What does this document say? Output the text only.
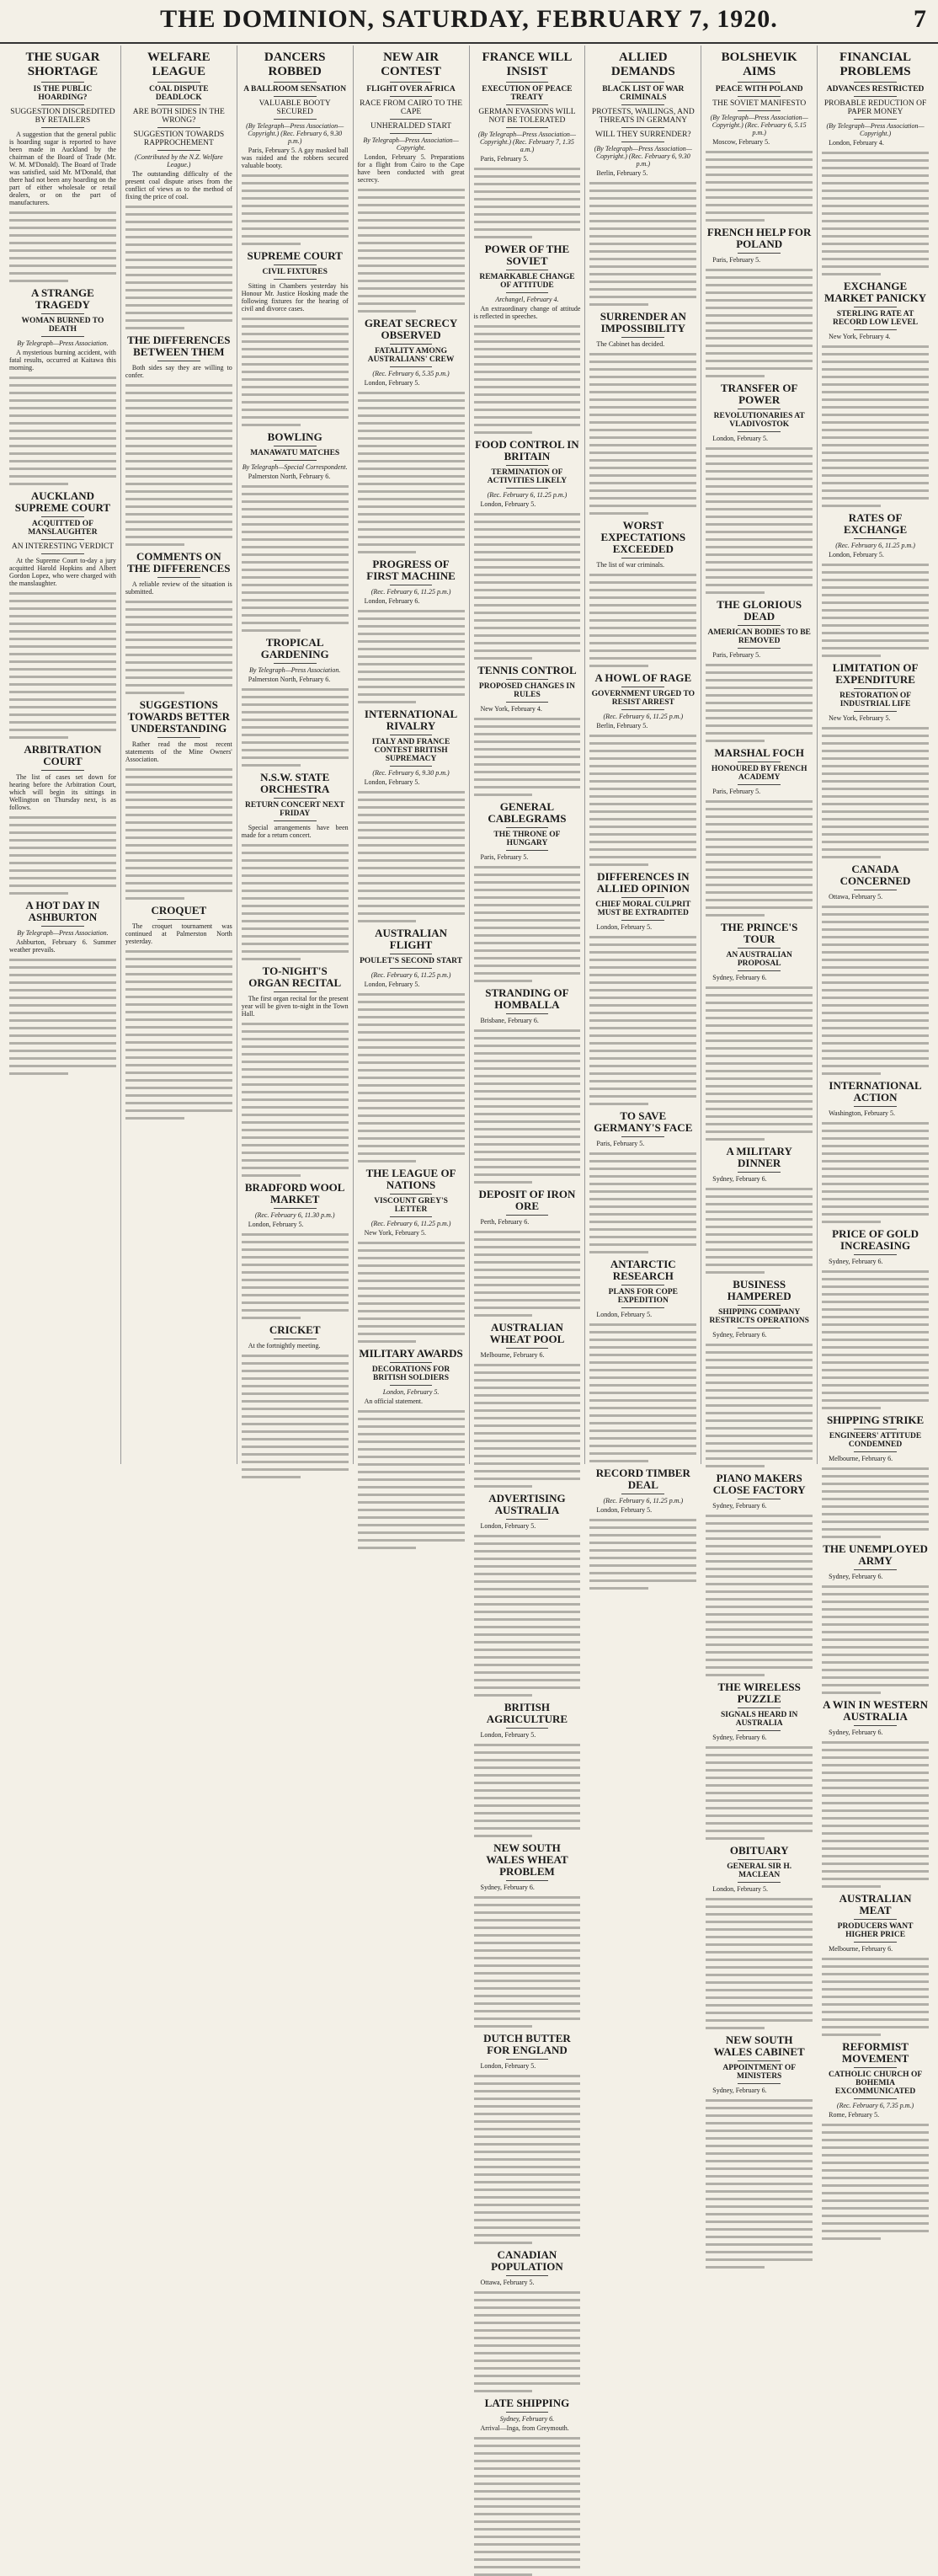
THE DOMINION, SATURDAY, FEBRUARY 7, 1920.	7
THE SUGAR SHORTAGE
IS THE PUBLIC HOARDING?
SUGGESTION DISCREDITED BY RETAILERS

A suggestion that the general public is hoarding sugar is reported to have been made in Auckland by the chairman of the Board of Trade (Mr. W. M. M'Donald). The Board of Trade was satisfied, said Mr. M'Donald, that there had not been any hoarding on the part of either wholesale or retail dealers, or on the part of manufacturers.

A STRANGE TRAGEDY
WOMAN BURNED TO DEATH
By Telegraph—Press Association.

A mysterious burning accident, with fatal results, occurred at Kaitawa this morning.

AUCKLAND SUPREME COURT
ACQUITTED OF MANSLAUGHTER
AN INTERESTING VERDICT

At the Supreme Court to-day a jury acquitted Harold Hopkins and Albert Gordon Lopez, who were charged with the manslaughter.

ARBITRATION COURT

The list of cases set down for hearing before the Arbitration Court, which will begin its sittings in Wellington on Thursday next, is as follows.

A HOT DAY IN ASHBURTON
By Telegraph—Press Association.

Ashburton, February 6. Summer weather prevails.

WELFARE LEAGUE
COAL DISPUTE DEADLOCK
ARE BOTH SIDES IN THE WRONG?
SUGGESTION TOWARDS RAPPROCHEMENT
(Contributed by the N.Z. Welfare League.)

The outstanding difficulty of the present coal dispute arises from the conflict of views as to the method of fixing the price of coal.

THE DIFFERENCES BETWEEN THEM

Both sides say they are willing to confer.

COMMENTS ON THE DIFFERENCES

A reliable review of the situation is submitted.

SUGGESTIONS TOWARDS BETTER UNDERSTANDING

Rather read the most recent statements of the Mine Owners' Association.

CROQUET

The croquet tournament was continued at Palmerston North yesterday.

DANCERS ROBBED
A BALLROOM SENSATION
VALUABLE BOOTY SECURED
(By Telegraph—Press Association—Copyright.) (Rec. February 6, 9.30 p.m.)

Paris, February 5. A gay masked ball was raided and the robbers secured valuable booty.

SUPREME COURT
CIVIL FIXTURES

Sitting in Chambers yesterday his Honour Mr. Justice Hosking made the following fixtures for the hearing of civil and divorce cases.

BOWLING
MANAWATU MATCHES
By Telegraph—Special Correspondent.

Palmerston North, February 6.

TROPICAL GARDENING
By Telegraph—Press Association.

Palmerston North, February 6.

N.S.W. STATE ORCHESTRA
RETURN CONCERT NEXT FRIDAY

Special arrangements have been made for a return concert.

TO-NIGHT'S ORGAN RECITAL

The first organ recital for the present year will be given to-night in the Town Hall.

BRADFORD WOOL MARKET
(Rec. February 6, 11.30 p.m.)

London, February 5.

CRICKET

At the fortnightly meeting.

NEW AIR CONTEST
FLIGHT OVER AFRICA
RACE FROM CAIRO TO THE CAPE
UNHERALDED START
By Telegraph—Press Association—Copyright.

London, February 5. Preparations for a flight from Cairo to the Cape have been conducted with great secrecy.

GREAT SECRECY OBSERVED
FATALITY AMONG AUSTRALIANS' CREW
(Rec. February 6, 5.35 p.m.)

London, February 5.

PROGRESS OF FIRST MACHINE
(Rec. February 6, 11.25 p.m.)

London, February 6.

INTERNATIONAL RIVALRY
ITALY AND FRANCE CONTEST BRITISH SUPREMACY
(Rec. February 6, 9.30 p.m.)

London, February 5.

AUSTRALIAN FLIGHT
POULET'S SECOND START
(Rec. February 6, 11.25 p.m.)

London, February 5.

THE LEAGUE OF NATIONS
VISCOUNT GREY'S LETTER
(Rec. February 6, 11.25 p.m.)

New York, February 5.

MILITARY AWARDS
DECORATIONS FOR BRITISH SOLDIERS
London, February 5.

An official statement.

FRANCE WILL INSIST
EXECUTION OF PEACE TREATY
GERMAN EVASIONS WILL NOT BE TOLERATED
(By Telegraph—Press Association—Copyright.) (Rec. February 7, 1.35 a.m.)

Paris, February 5.

POWER OF THE SOVIET
REMARKABLE CHANGE OF ATTITUDE
Archangel, February 4.

An extraordinary change of attitude is reflected in speeches.

FOOD CONTROL IN BRITAIN
TERMINATION OF ACTIVITIES LIKELY
(Rec. February 6, 11.25 p.m.)

London, February 5.

TENNIS CONTROL
PROPOSED CHANGES IN RULES

New York, February 4.

GENERAL CABLEGRAMS
THE THRONE OF HUNGARY

Paris, February 5.

STRANDING OF HOMBALLA

Brisbane, February 6.

DEPOSIT OF IRON ORE

Perth, February 6.

AUSTRALIAN WHEAT POOL

Melbourne, February 6.

ADVERTISING AUSTRALIA

London, February 5.

BRITISH AGRICULTURE

London, February 5.

NEW SOUTH WALES WHEAT PROBLEM

Sydney, February 6.

DUTCH BUTTER FOR ENGLAND

London, February 5.

CANADIAN POPULATION

Ottawa, February 5.

LATE SHIPPING
Sydney, February 6.

Arrival—Inga, from Greymouth.

ALLIED DEMANDS
BLACK LIST OF WAR CRIMINALS
PROTESTS, WAILINGS, AND THREATS IN GERMANY
WILL THEY SURRENDER?
(By Telegraph—Press Association—Copyright.) (Rec. February 6, 9.30 p.m.)

Berlin, February 5.

SURRENDER AN IMPOSSIBILITY

The Cabinet has decided.

WORST EXPECTATIONS EXCEEDED

The list of war criminals.

A HOWL OF RAGE
GOVERNMENT URGED TO RESIST ARREST
(Rec. February 6, 11.25 p.m.)

Berlin, February 5.

DIFFERENCES IN ALLIED OPINION
CHIEF MORAL CULPRIT MUST BE EXTRADITED

London, February 5.

TO SAVE GERMANY'S FACE

Paris, February 5.

ANTARCTIC RESEARCH
PLANS FOR COPE EXPEDITION

London, February 5.

RECORD TIMBER DEAL
(Rec. February 6, 11.25 p.m.)

London, February 5.

BOLSHEVIK AIMS
PEACE WITH POLAND
THE SOVIET MANIFESTO
(By Telegraph—Press Association—Copyright.) (Rec. February 6, 5.15 p.m.)

Moscow, February 5.

FRENCH HELP FOR POLAND

Paris, February 5.

TRANSFER OF POWER
REVOLUTIONARIES AT VLADIVOSTOK

London, February 5.

THE GLORIOUS DEAD
AMERICAN BODIES TO BE REMOVED

Paris, February 5.

MARSHAL FOCH
HONOURED BY FRENCH ACADEMY

Paris, February 5.

THE PRINCE'S TOUR
AN AUSTRALIAN PROPOSAL

Sydney, February 6.

A MILITARY DINNER

Sydney, February 6.

BUSINESS HAMPERED
SHIPPING COMPANY RESTRICTS OPERATIONS

Sydney, February 6.

PIANO MAKERS CLOSE FACTORY

Sydney, February 6.

THE WIRELESS PUZZLE
SIGNALS HEARD IN AUSTRALIA

Sydney, February 6.

OBITUARY
GENERAL SIR H. MACLEAN

London, February 5.

NEW SOUTH WALES CABINET
APPOINTMENT OF MINISTERS

Sydney, February 6.

FINANCIAL PROBLEMS
ADVANCES RESTRICTED
PROBABLE REDUCTION OF PAPER MONEY
(By Telegraph—Press Association—Copyright.)

London, February 4.

EXCHANGE MARKET PANICKY
STERLING RATE AT RECORD LOW LEVEL

New York, February 4.

RATES OF EXCHANGE
(Rec. February 6, 11.25 p.m.)

London, February 5.

LIMITATION OF EXPENDITURE
RESTORATION OF INDUSTRIAL LIFE

New York, February 5.

CANADA CONCERNED

Ottawa, February 5.

INTERNATIONAL ACTION

Washington, February 5.

PRICE OF GOLD INCREASING

Sydney, February 6.

SHIPPING STRIKE
ENGINEERS' ATTITUDE CONDEMNED

Melbourne, February 6.

THE UNEMPLOYED ARMY

Sydney, February 6.

A WIN IN WESTERN AUSTRALIA

Sydney, February 6.

AUSTRALIAN MEAT
PRODUCERS WANT HIGHER PRICE

Melbourne, February 6.

REFORMIST MOVEMENT
CATHOLIC CHURCH OF BOHEMIA EXCOMMUNICATED
(Rec. February 6, 7.35 p.m.)

Rome, February 5.
